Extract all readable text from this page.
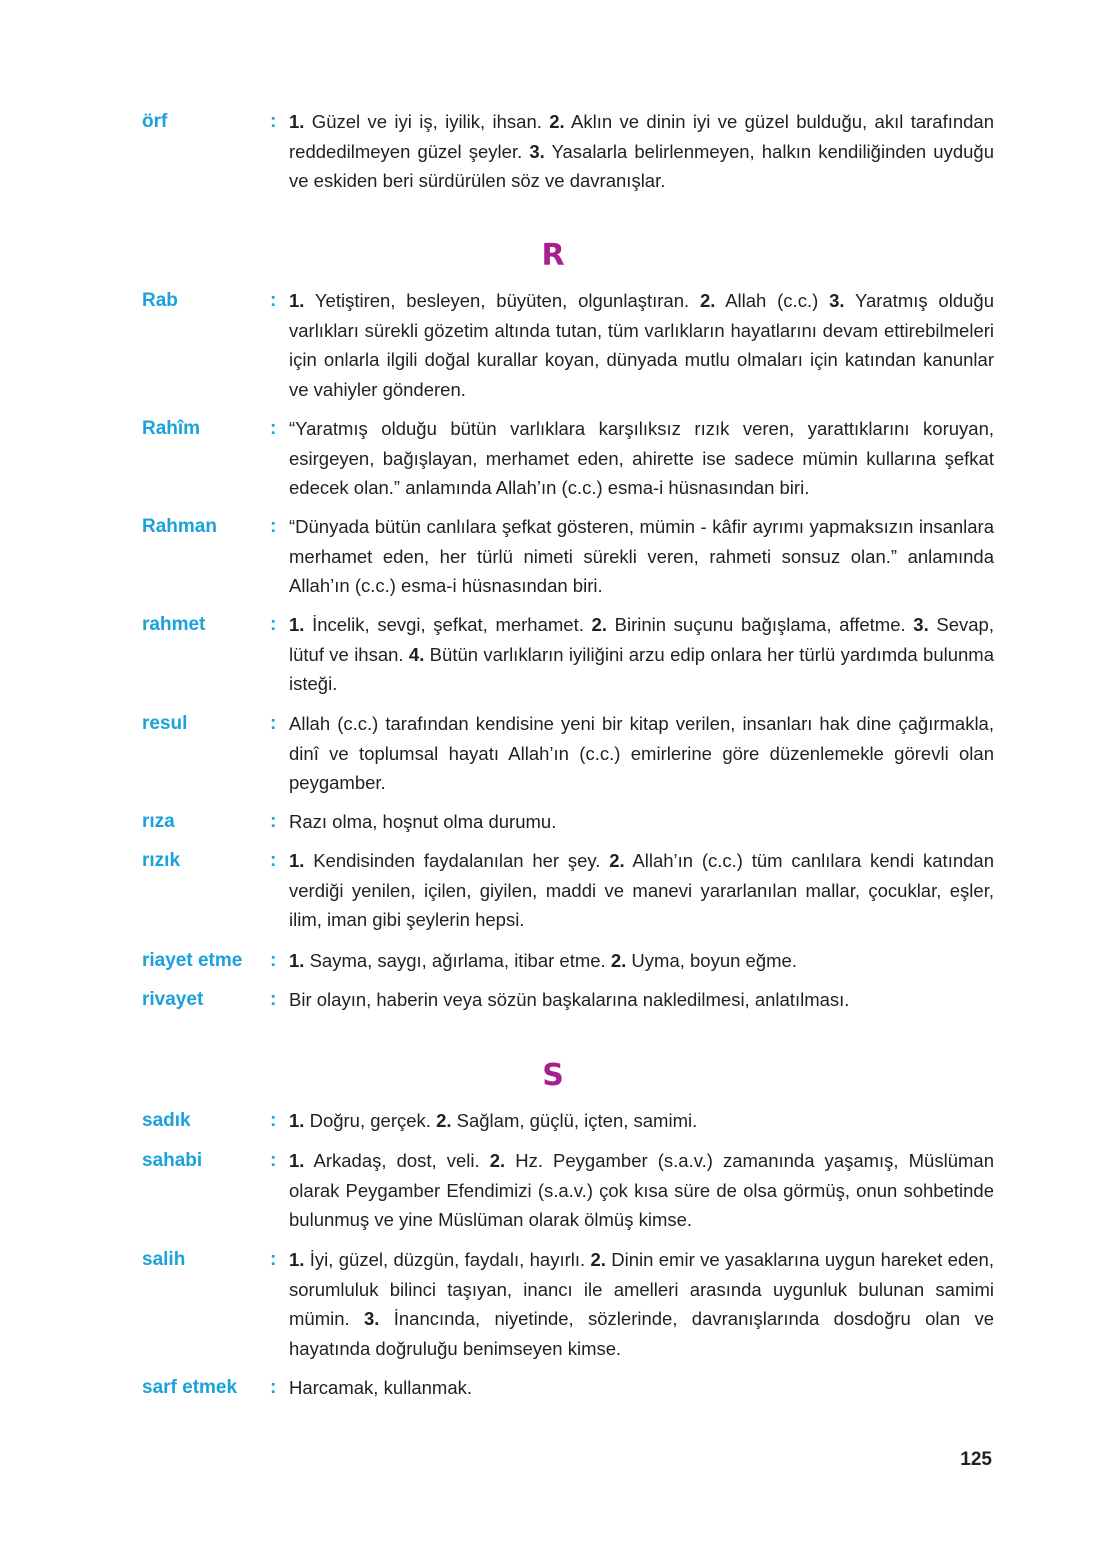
örf	: 1. Güzel ve iyi iş, iyilik, ihsan. 2. Aklın ve dinin iyi ve güzel bulduğu, akıl tarafından reddedilmeyen güzel şeyler. 3. Yasalarla belirlenmeyen, halkın kendiliğinden uyduğu ve eskiden beri sürdürülen söz ve davranışlar.
R
Rab	: 1. Yetiştiren, besleyen, büyüten, olgunlaştıran. 2. Allah (c.c.) 3. Yaratmış olduğu varlıkları sürekli gözetim altında tutan, tüm varlıkların hayatlarını devam ettirebilmeleri için onlarla ilgili doğal kurallar koyan, dünyada mutlu olmaları için katından kanunlar ve vahiyler gönderen.
Rahîm	: “Yaratmış olduğu bütün varlıklara karşılıksız rızık veren, yarattıklarını koruyan, esirgeyen, bağışlayan, merhamet eden, ahirette ise sadece mümin kullarına şefkat edecek olan.” anlamında Allah’ın (c.c.) esma-i hüsnasından biri.
Rahman	: “Dünyada bütün canlılara şefkat gösteren, mümin - kâfir ayrımı yapmaksızın insanlara merhamet eden, her türlü nimeti sürekli veren, rahmeti sonsuz olan.” anlamında Allah’ın (c.c.) esma-i hüsnasından biri.
rahmet	: 1. İncelik, sevgi, şefkat, merhamet. 2. Birinin suçunu bağışlama, affetme. 3. Sevap, lütuf ve ihsan. 4. Bütün varlıkların iyiliğini arzu edip onlara her türlü yardımda bulunma isteği.
resul	: Allah (c.c.) tarafından kendisine yeni bir kitap verilen, insanları hak dine çağırmakla, dinî ve toplumsal hayatı Allah’ın (c.c.) emirlerine göre düzenlemekle görevli olan peygamber.
rıza	: Razı olma, hoşnut olma durumu.
rızık	: 1. Kendisinden faydalanılan her şey. 2. Allah’ın (c.c.) tüm canlılara kendi katından verdiği yenilen, içilen, giyilen, maddi ve manevi yararlanılan mallar, çocuklar, eşler, ilim, iman gibi şeylerin hepsi.
riayet etme	: 1. Sayma, saygı, ağırlama, itibar etme. 2. Uyma, boyun eğme.
rivayet	: Bir olayın, haberin veya sözün başkalarına nakledilmesi, anlatılması.
S
sadık	: 1. Doğru, gerçek. 2. Sağlam, güçlü, içten, samimi.
sahabi	: 1. Arkadaş, dost, veli. 2. Hz. Peygamber (s.a.v.) zamanında yaşamış, Müslüman olarak Peygamber Efendimizi (s.a.v.) çok kısa süre de olsa görmüş, onun sohbetinde bulunmuş ve yine Müslüman olarak ölmüş kimse.
salih	: 1. İyi, güzel, düzgün, faydalı, hayırlı. 2. Dinin emir ve yasaklarına uygun hareket eden, sorumluluk bilinci taşıyan, inancı ile amelleri arasında uygunluk bulunan samimi mümin. 3. İnancında, niyetinde, sözlerinde, davranışlarında dosdoğru olan ve hayatında doğruluğu benimseyen kimse.
sarf etmek	: Harcamak, kullanmak.
125
